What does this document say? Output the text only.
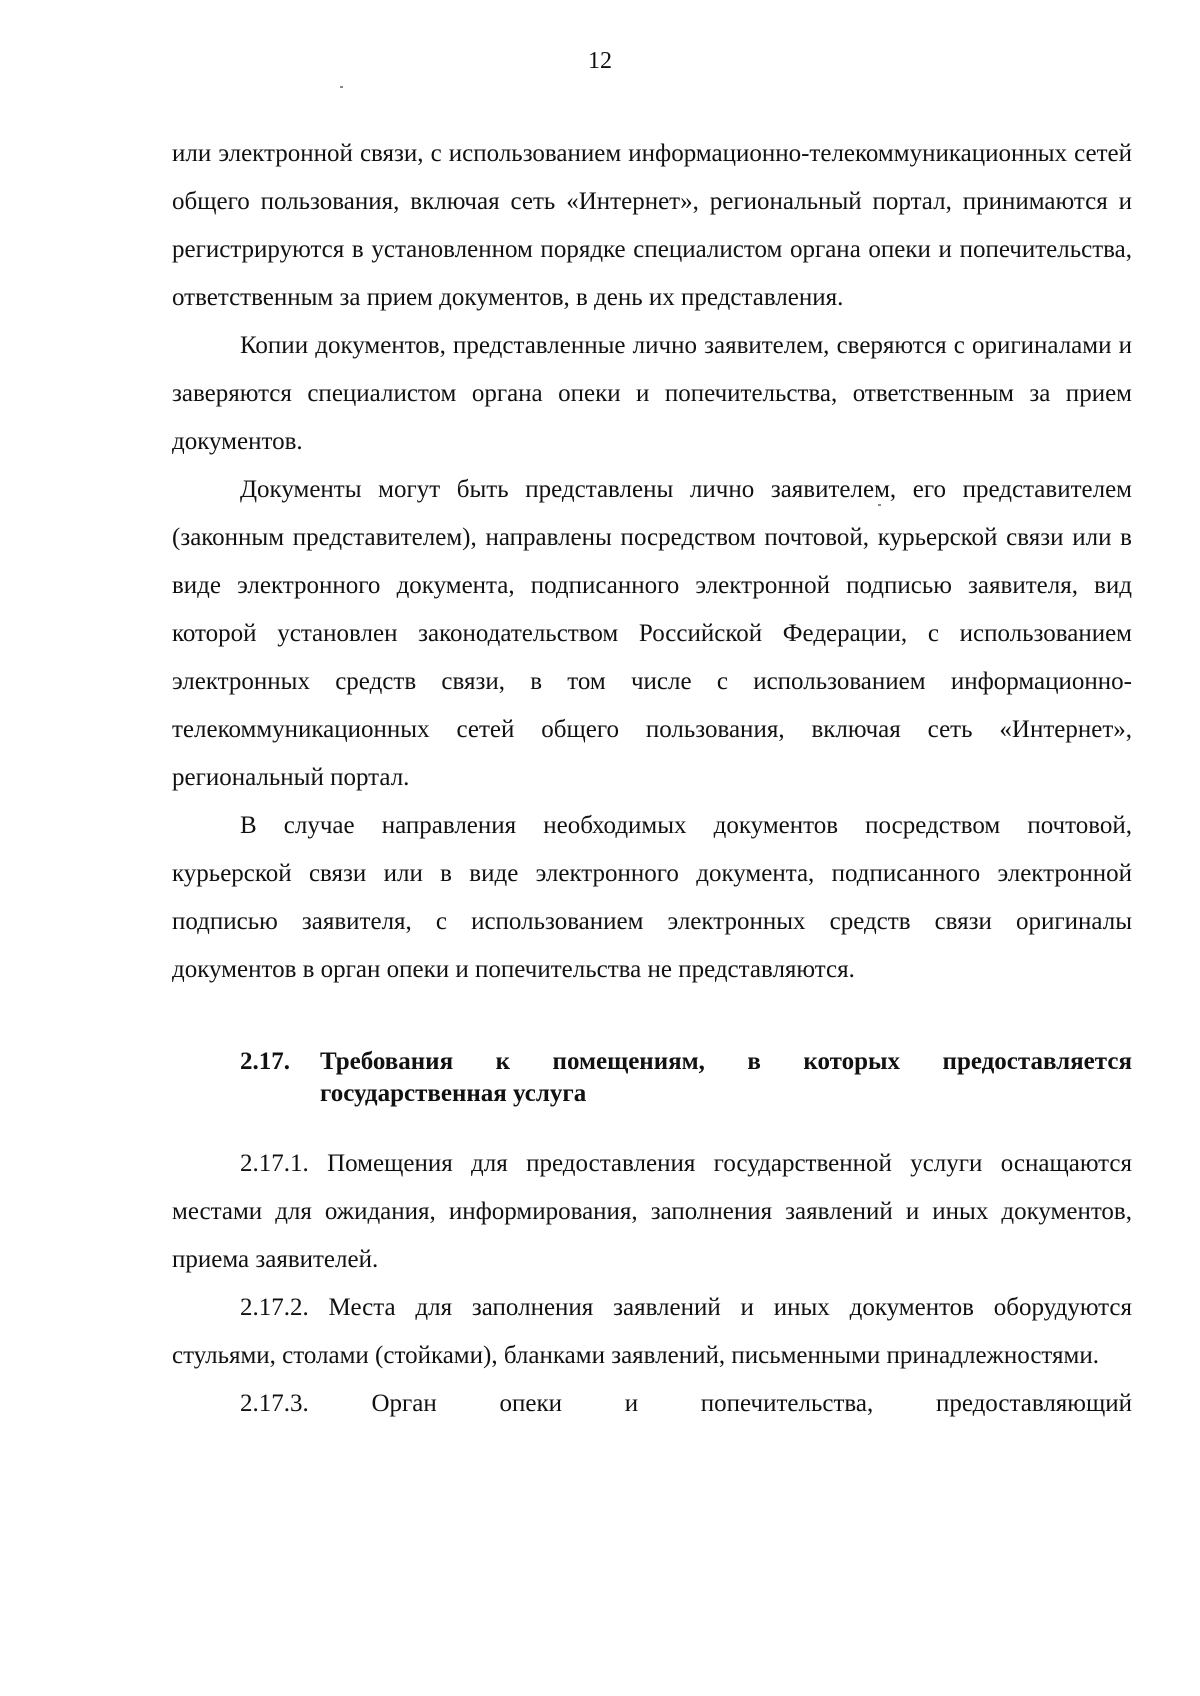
12

или электронной связи, с использованием информационно-телекоммуникационных сетей общего пользования, включая сеть «Интернет», региональный портал, принимаются и регистрируются в установленном порядке специалистом органа опеки и попечительства, ответственным за прием документов, в день их представления.

Копии документов, представленные лично заявителем, сверяются с оригиналами и заверяются специалистом органа опеки и попечительства, ответственным за прием документов.

Документы могут быть представлены лично заявителем, его представителем (законным представителем), направлены посредством почтовой, курьерской связи или в виде электронного документа, подписанного электронной подписью заявителя, вид которой установлен законодательством Российской Федерации, с использованием электронных средств связи, в том числе с использованием информационно-телекоммуникационных сетей общего пользования, включая сеть «Интернет», региональный портал.

В случае направления необходимых документов посредством почтовой, курьерской связи или в виде электронного документа, подписанного электронной подписью заявителя, с использованием электронных средств связи оригиналы документов в орган опеки и попечительства не представляются.

2.17.	Требования к помещениям, в которых предоставляется государственная услуга

2.17.1. Помещения для предоставления государственной услуги оснащаются местами для ожидания, информирования, заполнения заявлений и иных документов, приема заявителей.

2.17.2. Места для заполнения заявлений и иных документов оборудуются стульями, столами (стойками), бланками заявлений, письменными принадлежностями.

2.17.3. Орган опеки и попечительства, предоставляющий
